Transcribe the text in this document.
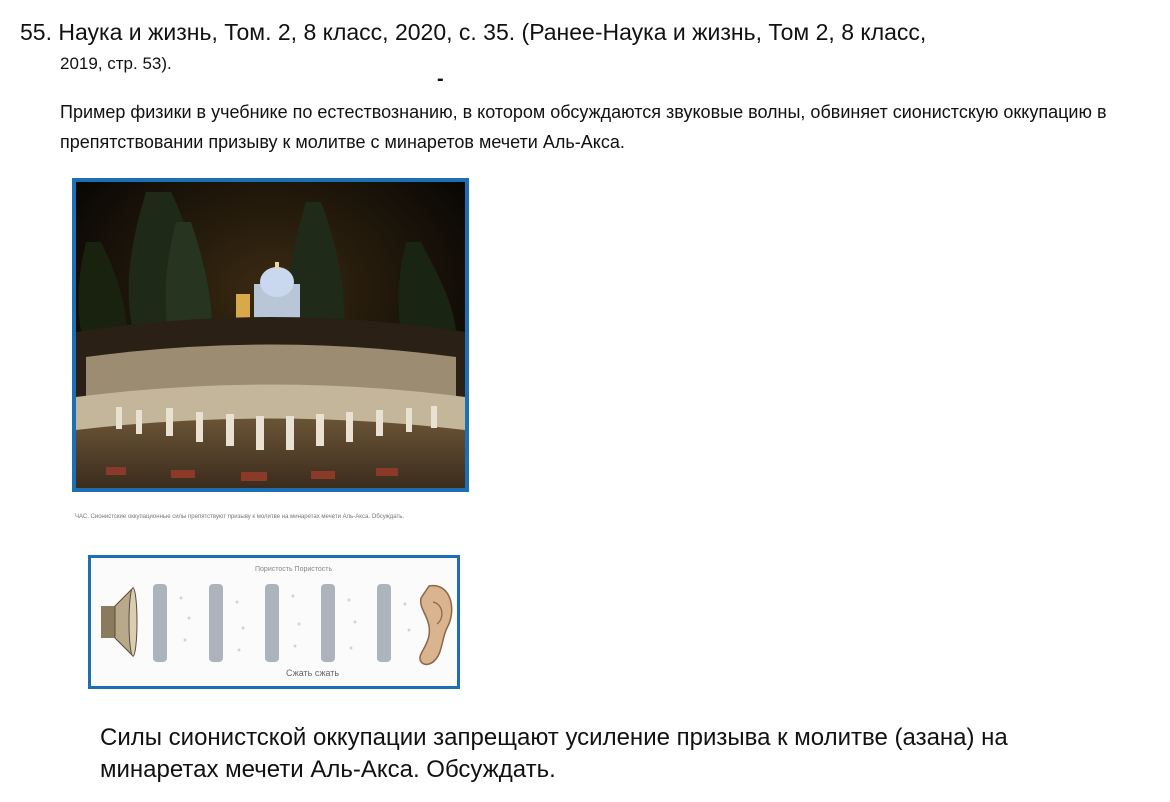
55. Наука и жизнь, Том. 2, 8 класс, 2020, с. 35. (Ранее-Наука и жизнь, Том 2, 8 класс,
2019, стр. 53).
-
Пример физики в учебнике по естествознанию, в котором обсуждаются звуковые волны, обвиняет сионистскую оккупацию в препятствовании призыву к молитве с минаретов мечети Аль-Акса.
ЧАС. Сионистские оккупационные силы препятствуют призыву к молитве на минаретах мечети Аль-Акса. Обсуждать.
Пористость Пористость
Сжать сжать
Силы сионистской оккупации запрещают усиление призыва к молитве (азана) на минаретах мечети Аль-Акса. Обсуждать.
